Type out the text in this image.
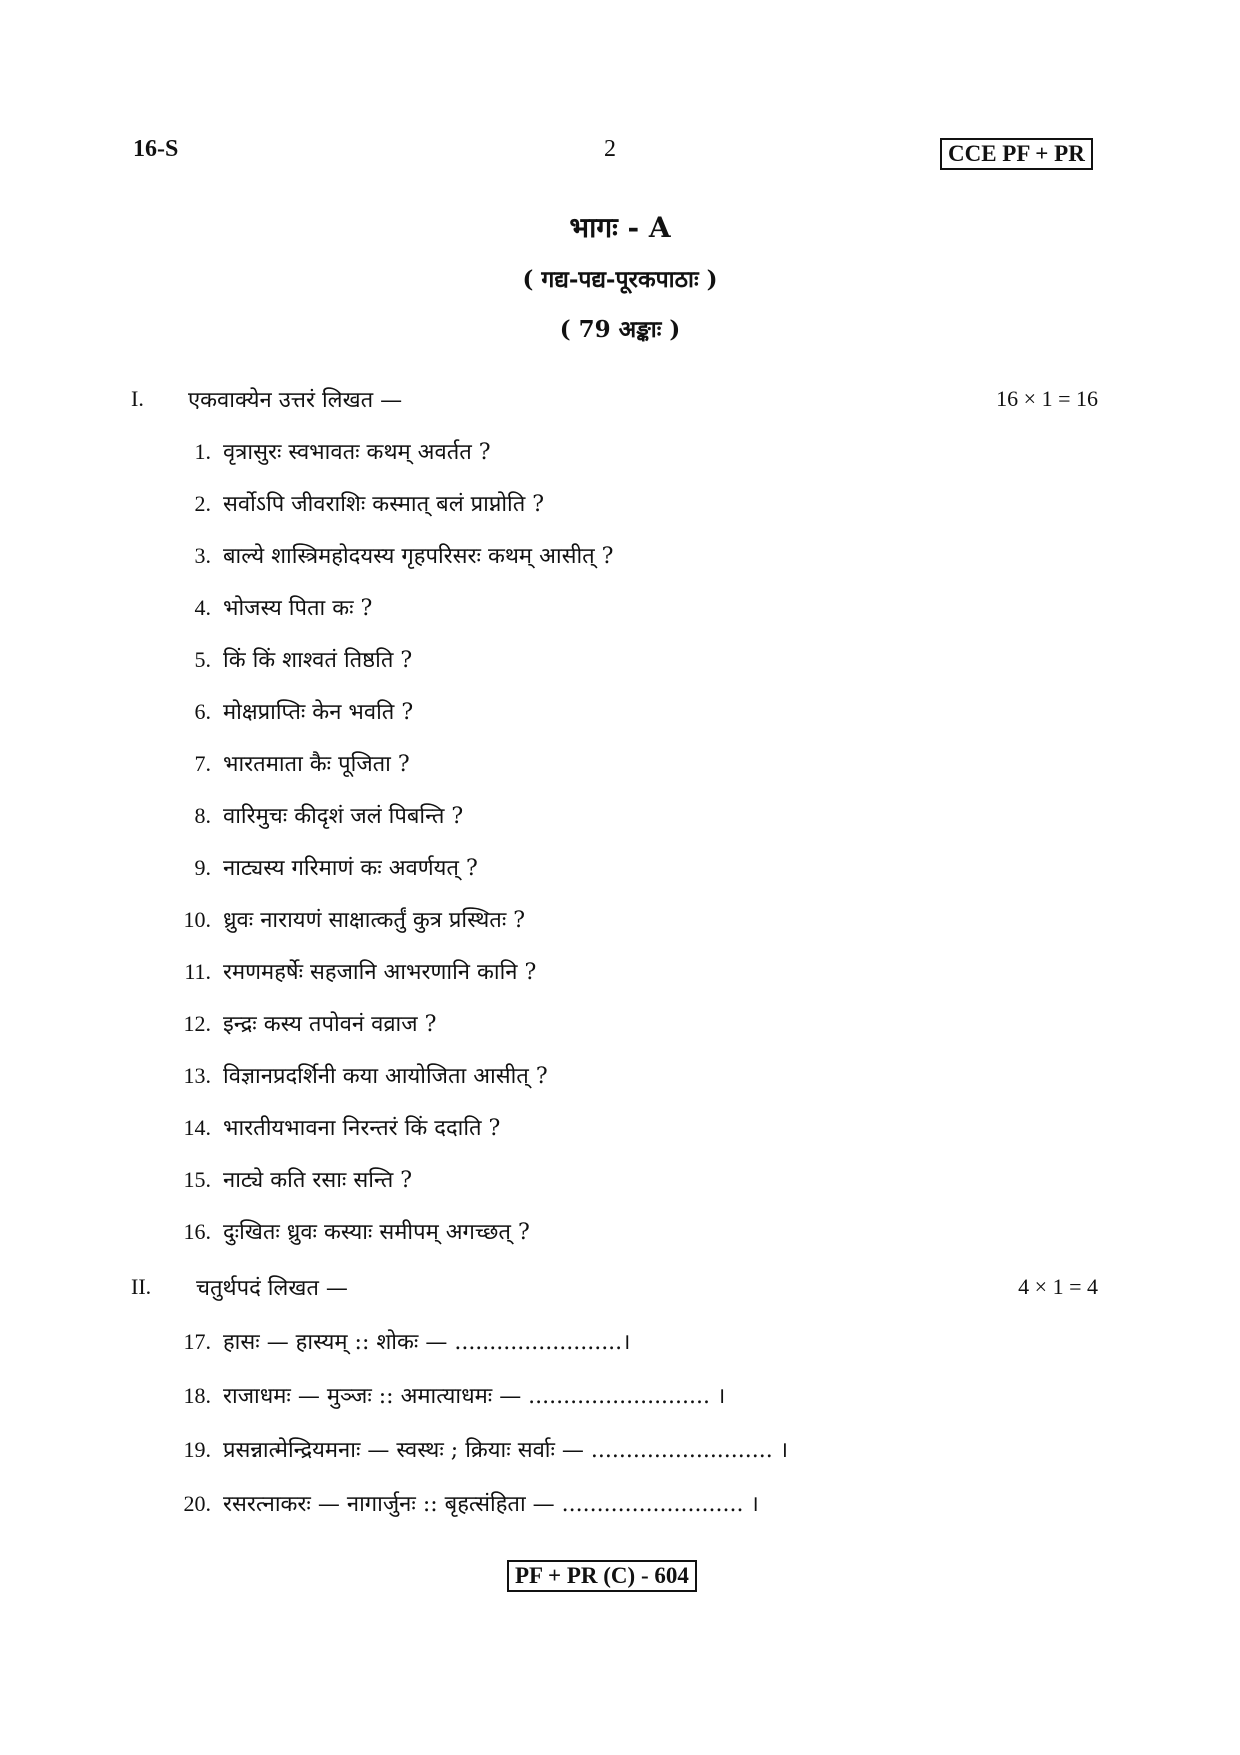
16-S	2	CCE PF + PR
भागः - A
( गद्य-पद्य-पूरकपाठाः )
( 79 अङ्काः )
I. एकवाक्येन उत्तरं लिखत —	16 × 1 = 16
1. वृत्रासुरः स्वभावतः कथम् अवर्तत ?
2. सर्वोऽपि जीवराशिः कस्मात् बलं प्राप्नोति ?
3. बाल्ये शास्त्रिमहोदयस्य गृहपरिसरः कथम् आसीत् ?
4. भोजस्य पिता कः ?
5. किं किं शाश्वतं तिष्ठति ?
6. मोक्षप्राप्तिः केन भवति ?
7. भारतमाता कैः पूजिता ?
8. वारिमुचः कीदृशं जलं पिबन्ति ?
9. नाट्यस्य गरिमाणं कः अवर्णयत् ?
10. ध्रुवः नारायणं साक्षात्कर्तुं कुत्र प्रस्थितः ?
11. रमणमहर्षेः सहजानि आभरणानि कानि ?
12. इन्द्रः कस्य तपोवनं वव्राज ?
13. विज्ञानप्रदर्शिनी कया आयोजिता आसीत् ?
14. भारतीयभावना निरन्तरं किं ददाति ?
15. नाट्ये कति रसाः सन्ति ?
16. दुःखितः ध्रुवः कस्याः समीपम् अगच्छत् ?
II. चतुर्थपदं लिखत —	4 × 1 = 4
17. हासः — हास्यम् :: शोकः — ........................।
18. राजाधमः — मुञ्जः :: अमात्याधमः — .......................... ।
19. प्रसन्नात्मेन्द्रियमनाः — स्वस्थः ; क्रियाः सर्वाः — .......................... ।
20. रसरत्नाकरः — नागार्जुनः :: बृहत्संहिता — .......................... ।
PF + PR (C) - 604
